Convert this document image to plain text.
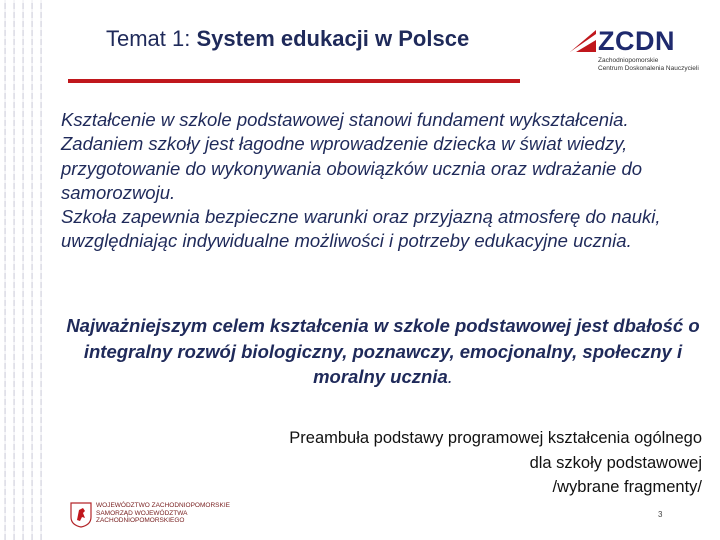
Temat 1: System edukacji w Polsce	ZCDN
Zachodniopomorskie
Centrum Doskonalenia Nauczycieli

Kształcenie w szkole podstawowej stanowi fundament wykształcenia. Zadaniem szkoły jest łagodne wprowadzenie dziecka w świat wiedzy, przygotowanie do wykonywania obowiązków ucznia oraz wdrażanie do samorozwoju.

Szkoła zapewnia bezpieczne warunki oraz przyjazną atmosferę do nauki, uwzględniając indywidualne możliwości i potrzeby edukacyjne ucznia.

Najważniejszym celem kształcenia w szkole podstawowej jest dbałość o integralny rozwój biologiczny, poznawczy, emocjonalny, społeczny i moralny ucznia.
Preambuła podstawy programowej kształcenia ogólnego
dla szkoły podstawowej
/wybrane fragmenty/
WOJEWÓDZTWO ZACHODNIOPOMORSKIE
SAMORZĄD WOJEWÓDZTWA
ZACHODNIOPOMORSKIEGO
3
